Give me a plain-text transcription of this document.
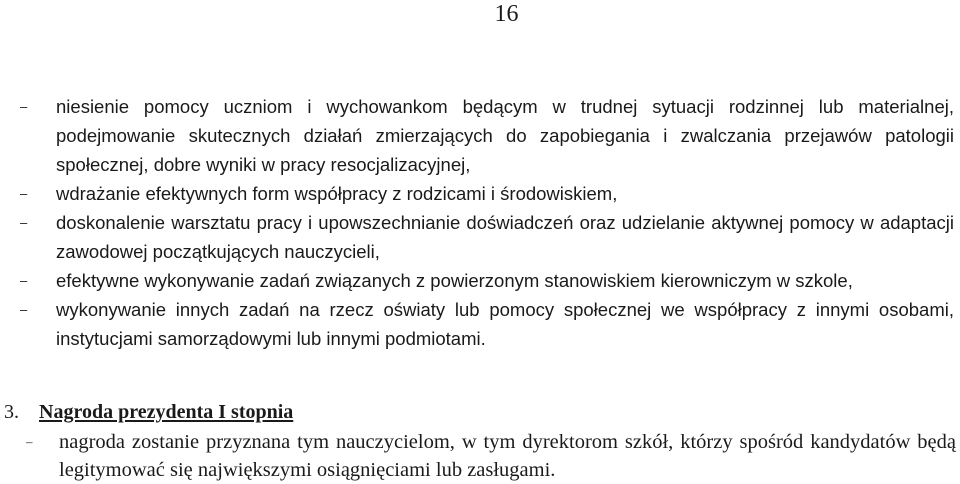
16
– niesienie pomocy uczniom i wychowankom będącym w trudnej sytuacji rodzinnej lub materialnej, podejmowanie skutecznych działań zmierzających do zapobiegania i zwalczania przejawów patologii społecznej, dobre wyniki w pracy resocjalizacyjnej,
– wdrażanie efektywnych form współpracy z rodzicami i środowiskiem,
– doskonalenie warsztatu pracy i upowszechnianie doświadczeń oraz udzielanie aktywnej pomocy w adaptacji zawodowej początkujących nauczycieli,
– efektywne wykonywanie zadań związanych z powierzonym stanowiskiem kierowniczym w szkole,
– wykonywanie innych zadań na rzecz oświaty lub pomocy społecznej we współpracy z innymi osobami, instytucjami samorządowymi lub innymi podmiotami.
3. Nagroda prezydenta I stopnia
– nagroda zostanie przyznana tym nauczycielom, w tym dyrektorom szkół, którzy spośród kandydatów będą legitymować się największymi osiągnięciami lub zasługami.
